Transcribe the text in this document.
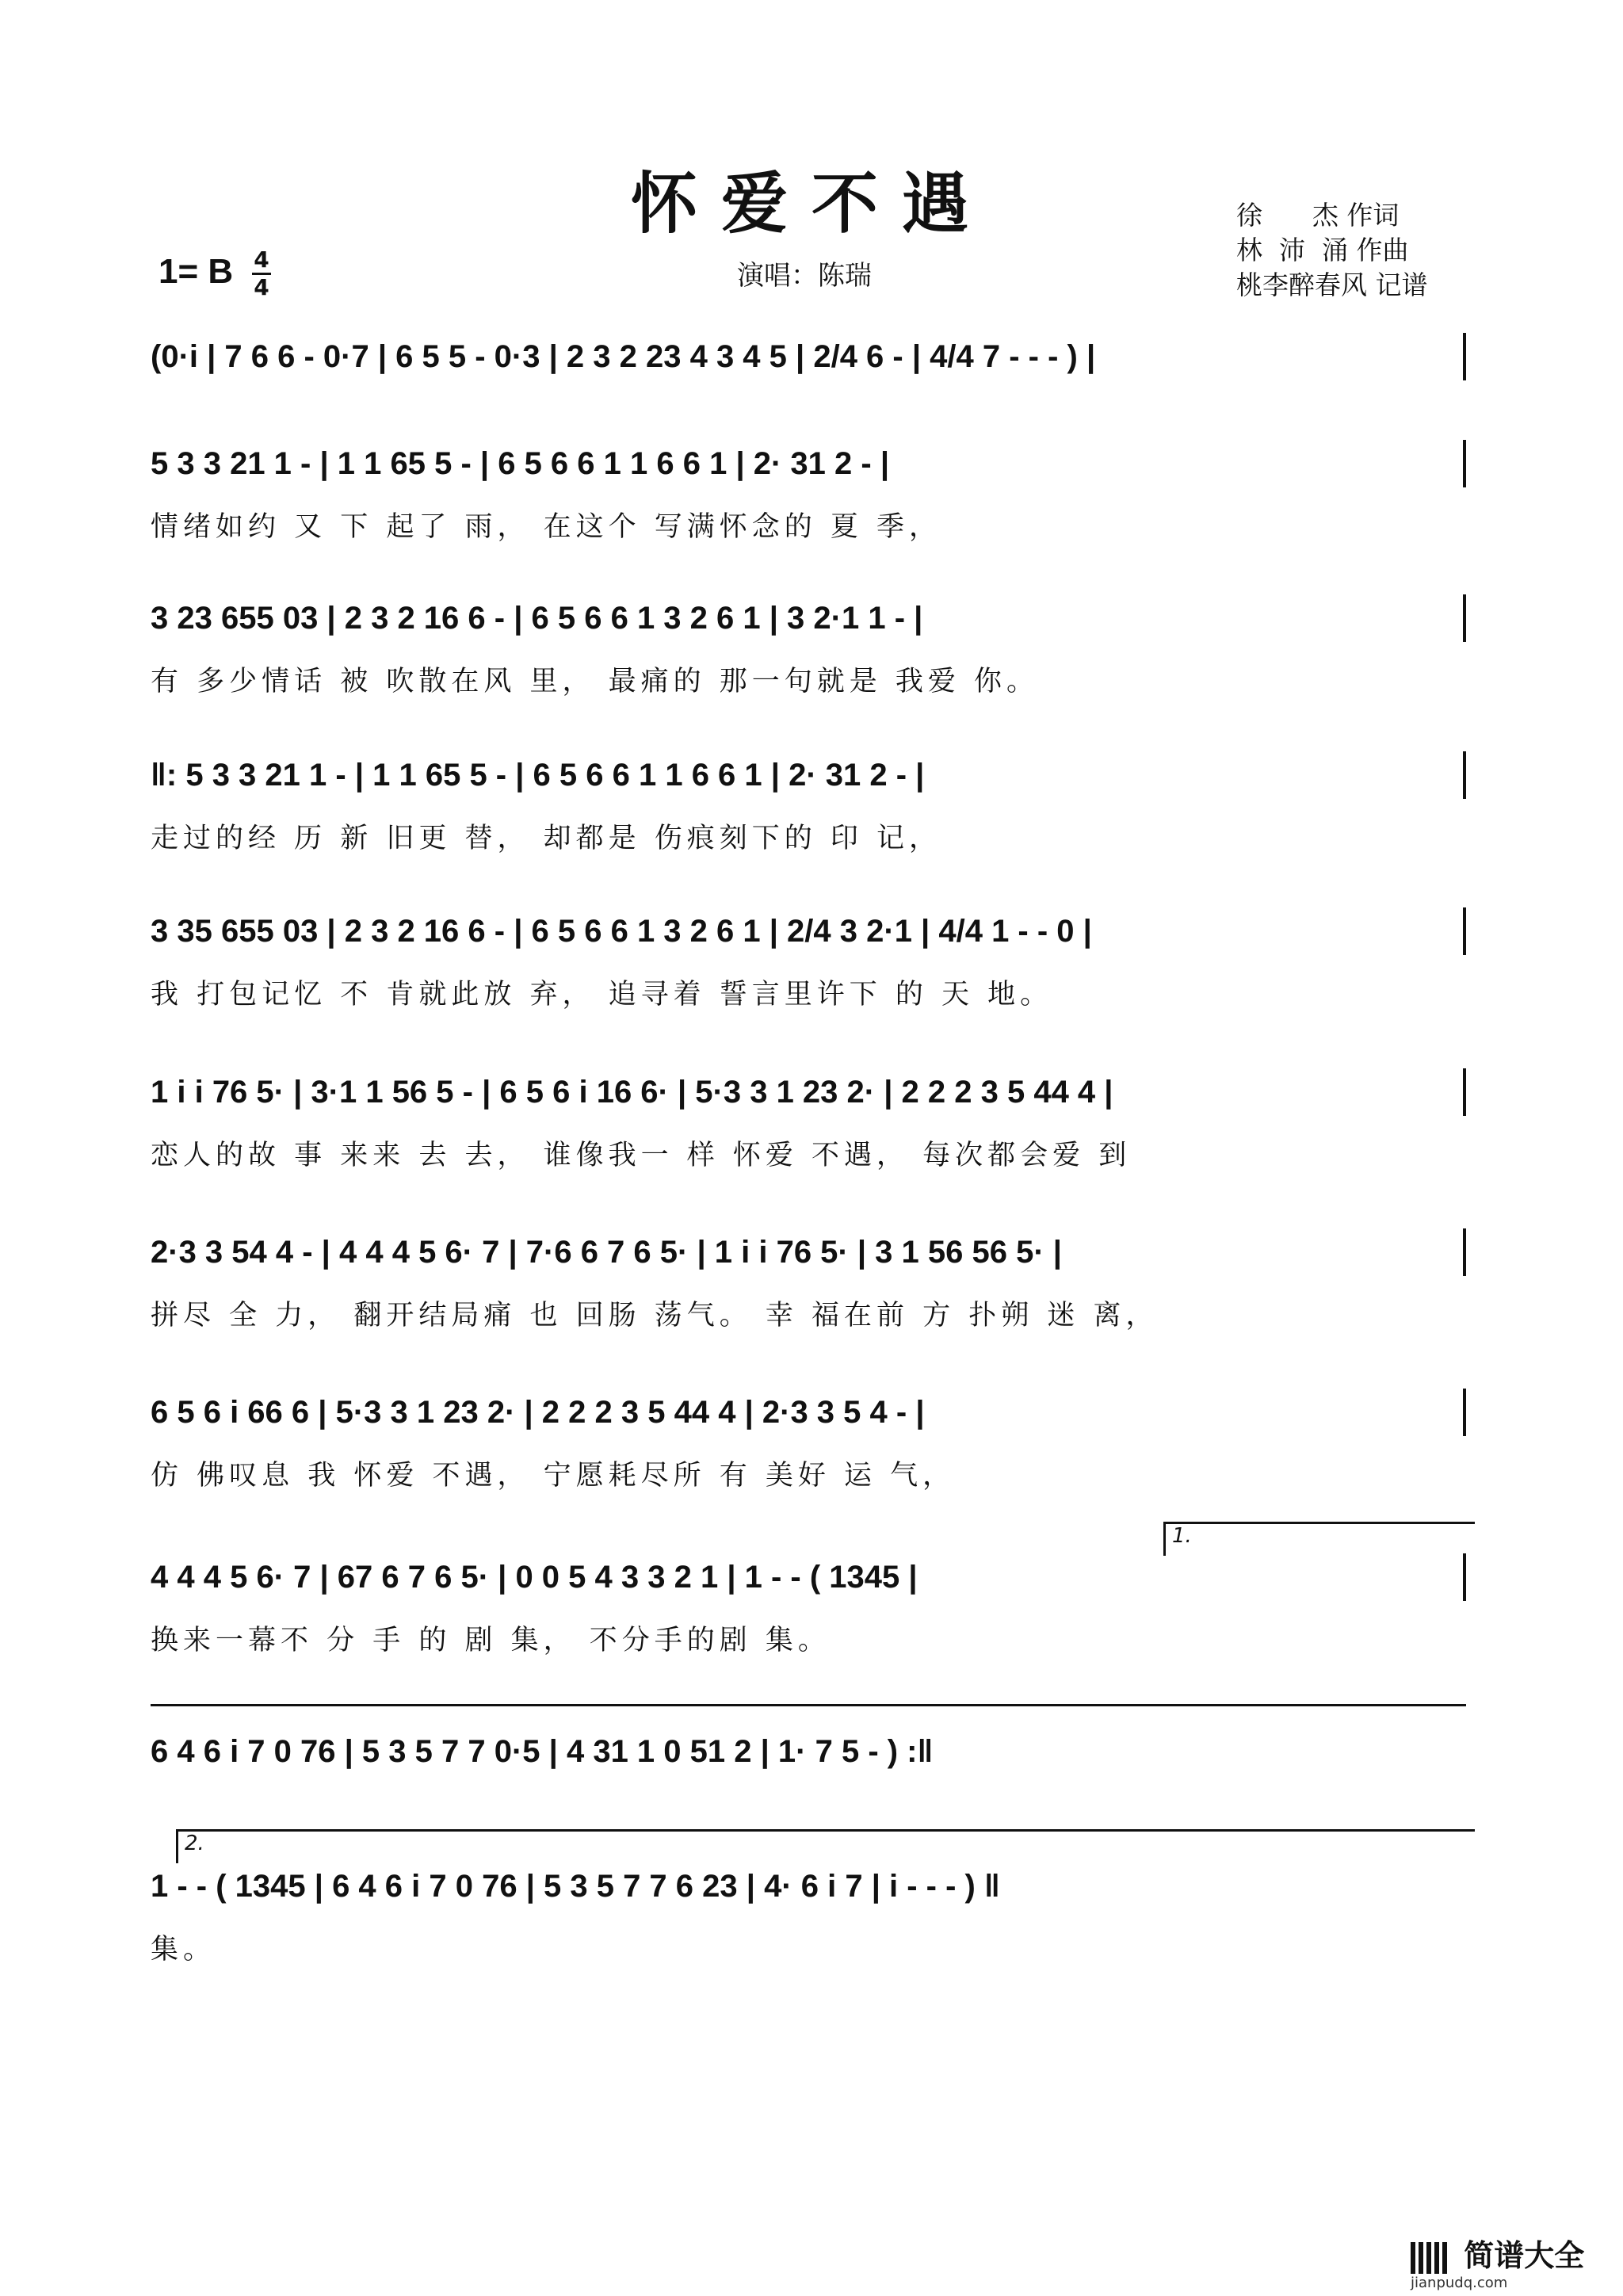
怀爱不遇	徐      杰 作词
林  沛  涌 作曲
桃李醉春风 记谱
1= B 4
4	演唱：陈瑞
(0·i | 7 6 6 - 0·7 | 6 5 5 - 0·3 | 2 3 2 23 4 3 4 5 | 2/4 6 - | 4/4 7 - - - ) |
5 3 3 21 1 - | 1 1 65 5 - | 6 5 6 6 1 1 6 6 1 | 2· 31 2 - |
情绪如约 又 下 起了 雨， 在这个 写满怀念的 夏 季，
3 23 655 03 | 2 3 2 16 6 - | 6 5 6 6 1 3 2 6 1 | 3 2·1 1 - |
有 多少情话 被 吹散在风 里， 最痛的 那一句就是 我爱 你。
‖: 5 3 3 21 1 - | 1 1 65 5 - | 6 5 6 6 1 1 6 6 1 | 2· 31 2 - |
走过的经 历 新 旧更 替， 却都是 伤痕刻下的 印 记，
3 35 655 03 | 2 3 2 16 6 - | 6 5 6 6 1 3 2 6 1 | 2/4 3 2·1 | 4/4 1 - - 0 |
我 打包记忆 不 肯就此放 弃， 追寻着 誓言里许下 的 天 地。
1 i i 76 5· | 3·1 1 56 5 - | 6 5 6 i 16 6· | 5·3 3 1 23 2· | 2 2 2 3 5 44 4 |
恋人的故 事 来来 去 去， 谁像我一 样 怀爱 不遇， 每次都会爱 到
2·3 3 54 4 - | 4 4 4 5 6· 7 | 7·6 6 7 6 5· | 1 i i 76 5· | 3 1 56 56 5· |
拼尽 全 力， 翻开结局痛 也 回肠 荡气。 幸 福在前 方 扑朔 迷 离，
6 5 6 i 66 6 | 5·3 3 1 23 2· | 2 2 2 3 5 44 4 | 2·3 3 5 4 - |
仿 佛叹息 我 怀爱 不遇， 宁愿耗尽所 有 美好 运 气，
1.
4 4 4 5 6· 7 | 67 6 7 6 5· | 0 0 5 4 3 3 2 1 | 1 - - ( 1345 |
换来一幕不 分 手 的 剧 集， 不分手的剧 集。
6 4 6 i 7 0 76 | 5 3 5 7 7 0·5 | 4 31 1 0 51 2 | 1· 7 5 - ) :‖
2.
1 - - ( 1345 | 6 4 6 i 7 0 76 | 5 3 5 7 7 6 23 | 4· 6 i 7 | i - - - ) ‖
集。
简谱大全
jianpudq.com
